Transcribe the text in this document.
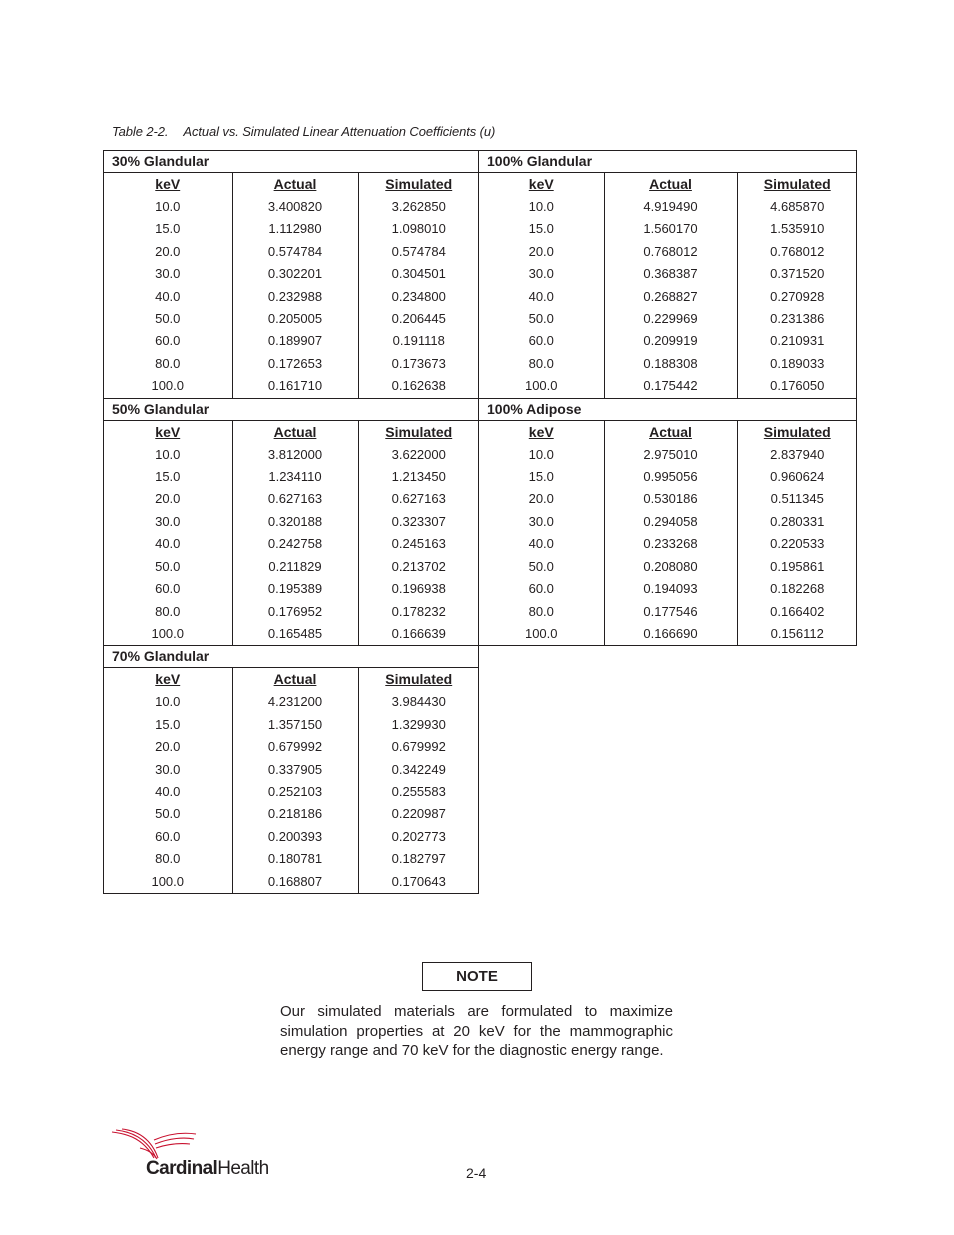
Table 2-2. Actual vs. Simulated Linear Attenuation Coefficients (u)
30% Glandular
keV	Actual	Simulated
10.0	3.400820	3.262850
15.0	1.112980	1.098010
20.0	0.574784	0.574784
30.0	0.302201	0.304501
40.0	0.232988	0.234800
50.0	0.205005	0.206445
60.0	0.189907	0.191118
80.0	0.172653	0.173673
100.0	0.161710	0.162638

100% Glandular
keV	Actual	Simulated
10.0	4.919490	4.685870
15.0	1.560170	1.535910
20.0	0.768012	0.768012
30.0	0.368387	0.371520
40.0	0.268827	0.270928
50.0	0.229969	0.231386
60.0	0.209919	0.210931
80.0	0.188308	0.189033
100.0	0.175442	0.176050

50% Glandular
keV	Actual	Simulated
10.0	3.812000	3.622000
15.0	1.234110	1.213450
20.0	0.627163	0.627163
30.0	0.320188	0.323307
40.0	0.242758	0.245163
50.0	0.211829	0.213702
60.0	0.195389	0.196938
80.0	0.176952	0.178232
100.0	0.165485	0.166639

100% Adipose
keV	Actual	Simulated
10.0	2.975010	2.837940
15.0	0.995056	0.960624
20.0	0.530186	0.511345
30.0	0.294058	0.280331
40.0	0.233268	0.220533
50.0	0.208080	0.195861
60.0	0.194093	0.182268
80.0	0.177546	0.166402
100.0	0.166690	0.156112

70% Glandular
keV	Actual	Simulated
10.0	4.231200	3.984430
15.0	1.357150	1.329930
20.0	0.679992	0.679992
30.0	0.337905	0.342249
40.0	0.252103	0.255583
50.0	0.218186	0.220987
60.0	0.200393	0.202773
80.0	0.180781	0.182797
100.0	0.168807	0.170643

NOTE
Our simulated materials are formulated to maximize simulation properties at 20 keV for the mammographic energy range and 70 keV for the diagnostic energy range.
CardinalHealth	2-4
